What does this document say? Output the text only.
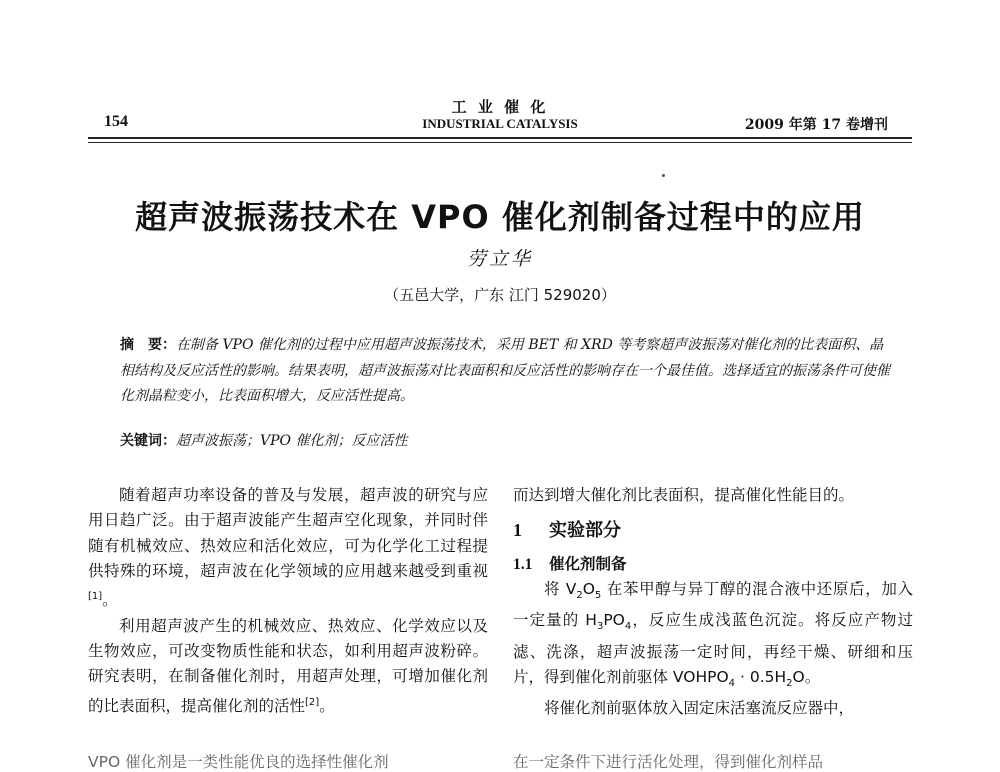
154
工 业 催 化
INDUSTRIAL CATALYSIS	2009 年第 17 卷增刊
超声波振荡技术在 VPO 催化剂制备过程中的应用
劳立华
（五邑大学，广东 江门 529020）
摘　要：在制备 VPO 催化剂的过程中应用超声波振荡技术，采用 BET 和 XRD 等考察超声波振荡对催化剂的比表面积、晶相结构及反应活性的影响。结果表明，超声波振荡对比表面积和反应活性的影响存在一个最佳值。选择适宜的振荡条件可使催化剂晶粒变小，比表面积增大，反应活性提高。
关键词：超声波振荡；VPO 催化剂；反应活性

随着超声功率设备的普及与发展，超声波的研究与应用日趋广泛。由于超声波能产生超声空化现象，并同时伴随有机械效应、热效应和活化效应，可为化学化工过程提供特殊的环境，超声波在化学领域的应用越来越受到重视[1]。

利用超声波产生的机械效应、热效应、化学效应以及生物效应，可改变物质性能和状态，如利用超声波粉碎。研究表明，在制备催化剂时，用超声处理，可增加催化剂的比表面积，提高催化剂的活性[2]。

VPO 催化剂是一类性能优良的选择性催化剂

而达到增大催化剂比表面积，提高催化性能目的。

1 实验部分
1.1 催化剂制备

将 $V_2O_5$ 在苯甲醇与异丁醇的混合液中还原后，加入一定量的 $H_3PO_4$，反应生成浅蓝色沉淀。将反应产物过滤、洗涤，超声波振荡一定时间，再经干燥、研细和压片，得到催化剂前驱体 $VOHPO_4 \cdot 0.5H_2O$。

将催化剂前驱体放入固定床活塞流反应器中，

在一定条件下进行活化处理，得到催化剂样品
